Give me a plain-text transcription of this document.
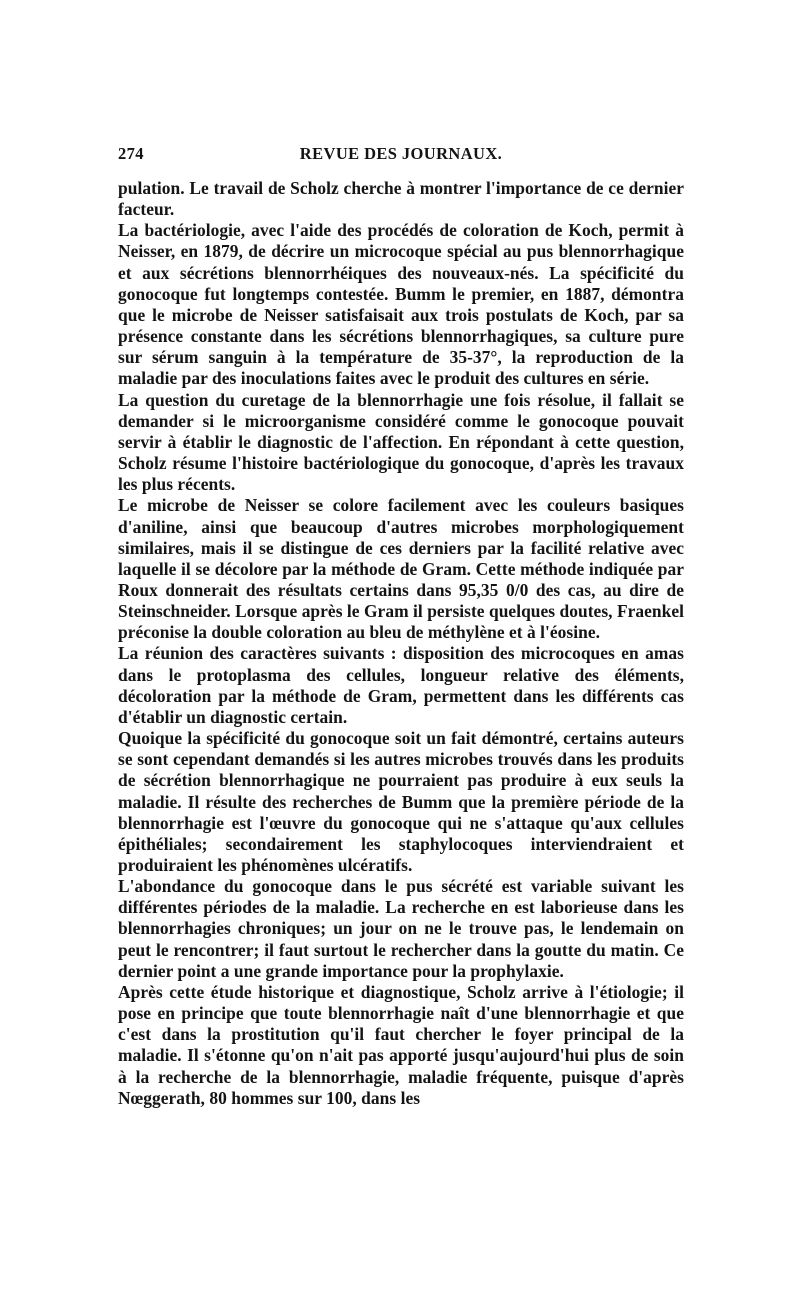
274	REVUE DES JOURNAUX.

pulation. Le travail de Scholz cherche à montrer l'importance de ce dernier facteur.

La bactériologie, avec l'aide des procédés de coloration de Koch, permit à Neisser, en 1879, de décrire un microcoque spécial au pus blennorrhagique et aux sécrétions blennorrhéiques des nouveaux-nés. La spécificité du gonocoque fut longtemps contestée. Bumm le premier, en 1887, démontra que le microbe de Neisser satisfaisait aux trois postulats de Koch, par sa présence constante dans les sécrétions blennorrhagiques, sa culture pure sur sérum sanguin à la température de 35-37°, la reproduction de la maladie par des inoculations faites avec le produit des cultures en série.

La question du curetage de la blennorrhagie une fois résolue, il fallait se demander si le microorganisme considéré comme le gonocoque pouvait servir à établir le diagnostic de l'affection. En répondant à cette question, Scholz résume l'histoire bactériologique du gonocoque, d'après les travaux les plus récents.

Le microbe de Neisser se colore facilement avec les couleurs basiques d'aniline, ainsi que beaucoup d'autres microbes morphologiquement similaires, mais il se distingue de ces derniers par la facilité relative avec laquelle il se décolore par la méthode de Gram. Cette méthode indiquée par Roux donnerait des résultats certains dans 95,35 0/0 des cas, au dire de Steinschneider. Lorsque après le Gram il persiste quelques doutes, Fraenkel préconise la double coloration au bleu de méthylène et à l'éosine.

La réunion des caractères suivants : disposition des microcoques en amas dans le protoplasma des cellules, longueur relative des éléments, décoloration par la méthode de Gram, permettent dans les différents cas d'établir un diagnostic certain.

Quoique la spécificité du gonocoque soit un fait démontré, certains auteurs se sont cependant demandés si les autres microbes trouvés dans les produits de sécrétion blennorrhagique ne pourraient pas produire à eux seuls la maladie. Il résulte des recherches de Bumm que la première période de la blennorrhagie est l'œuvre du gonocoque qui ne s'attaque qu'aux cellules épithéliales; secondairement les staphylocoques interviendraient et produiraient les phénomènes ulcératifs.

L'abondance du gonocoque dans le pus sécrété est variable suivant les différentes périodes de la maladie. La recherche en est laborieuse dans les blennorrhagies chroniques; un jour on ne le trouve pas, le lendemain on peut le rencontrer; il faut surtout le rechercher dans la goutte du matin. Ce dernier point a une grande importance pour la prophylaxie.

Après cette étude historique et diagnostique, Scholz arrive à l'étiologie; il pose en principe que toute blennorrhagie naît d'une blennorrhagie et que c'est dans la prostitution qu'il faut chercher le foyer principal de la maladie. Il s'étonne qu'on n'ait pas apporté jusqu'aujourd'hui plus de soin à la recherche de la blennorrhagie, maladie fréquente, puisque d'après Nœggerath, 80 hommes sur 100, dans les
